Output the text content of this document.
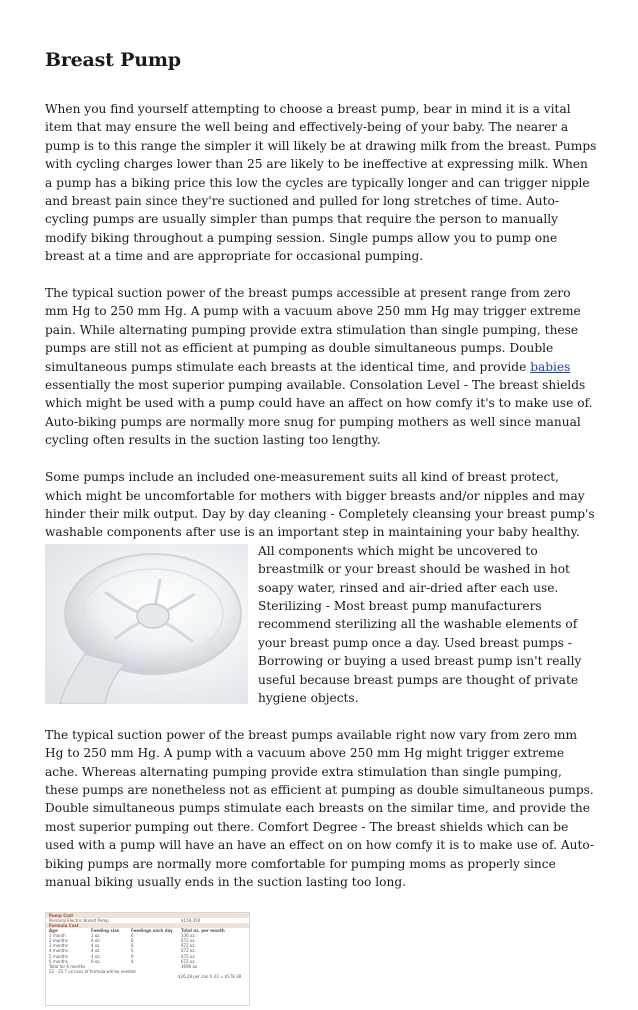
Breast Pump

When you find yourself attempting to choose a breast pump, bear in mind it is a vital item that may ensure the well being and effectively-being of your baby. The nearer a pump is to this range the simpler it will likely be at drawing milk from the breast. Pumps with cycling charges lower than 25 are likely to be ineffective at expressing milk. When a pump has a biking price this low the cycles are typically longer and can trigger nipple and breast pain since they're suctioned and pulled for long stretches of time. Auto-cycling pumps are usually simpler than pumps that require the person to manually modify biking throughout a pumping session. Single pumps allow you to pump one breast at a time and are appropriate for occasional pumping.

The typical suction power of the breast pumps accessible at present range from zero mm Hg to 250 mm Hg. A pump with a vacuum above 250 mm Hg may trigger extreme pain. While alternating pumping provide extra stimulation than single pumping, these pumps are still not as efficient at pumping as double simultaneous pumps. Double simultaneous pumps stimulate each breasts at the identical time, and provide babies essentially the most superior pumping available. Consolation Level - The breast shields which might be used with a pump could have an affect on how comfy it's to make use of. Auto-biking pumps are normally more snug for pumping mothers as well since manual cycling often results in the suction lasting too lengthy.

Some pumps include an included one-measurement suits all kind of breast protect, which might be uncomfortable for mothers with bigger breasts and/or nipples and may hinder their milk output. Day by day cleaning - Completely cleansing your breast pump's washable components after use is an important step in maintaining your baby healthy.

All components which might be uncovered to breastmilk or your breast should be washed in hot soapy water, rinsed and air-dried after each use. Sterilizing - Most breast pump manufacturers recommend sterilizing all the washable elements of your breast pump once a day. Used breast pumps - Borrowing or buying a used breast pump isn't really useful because breast pumps are thought of private hygiene objects.

The typical suction power of the breast pumps available right now vary from zero mm Hg to 250 mm Hg. A pump with a vacuum above 250 mm Hg might trigger extreme ache. Whereas alternating pumping provide extra stimulation than single pumping, these pumps are nonetheless not as efficient at pumping as double simultaneous pumps. Double simultaneous pumps stimulate each breasts on the similar time, and provide the most superior pumping out there. Comfort Degree - The breast shields which can be used with a pump will have an have an effect on on how comfy it is to make use of. Auto-biking pumps are normally more comfortable for pumping moms as properly since manual biking usually ends in the suction lasting too long.

Pump Cost
Personal Electric Breast Pump	$150-350
Formula Cost
Age	Feeding size	Feedings each day	Total oz. per month
1 month	2 oz.	6	336 oz.
2 months	4 oz.	6	672 oz.
3 months	4 oz.	6	672 oz.
4 months	4 oz.	6	672 oz.
5 months	4 oz.	6	672 oz.
6 months	6 oz.	4	672 oz.
Total for 6 months	3696 oz.
22 - 25.7 oz cans of formula will be needed
$26.29 per can X 22 = $578.38
